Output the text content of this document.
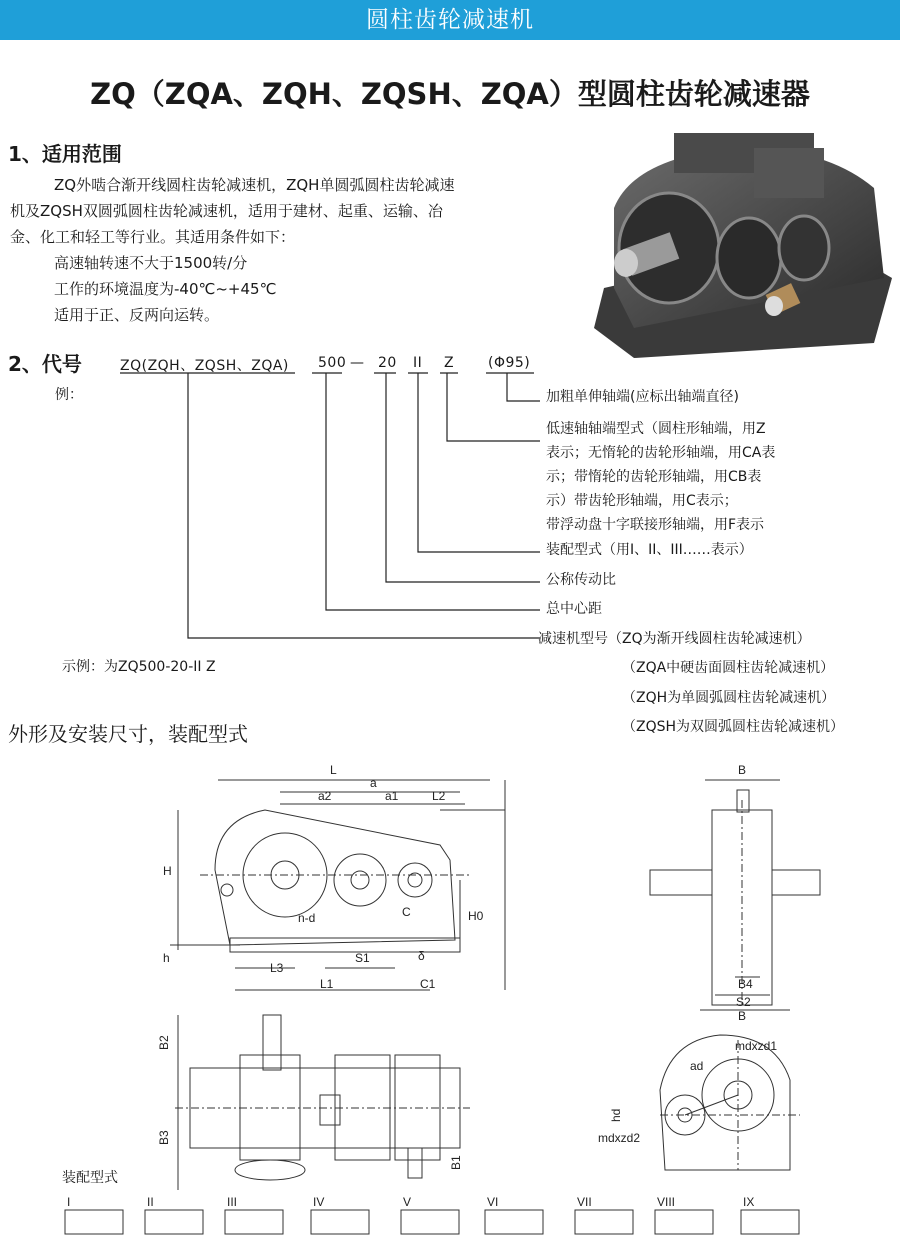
圆柱齿轮减速机
ZQ（ZQA、ZQH、ZQSH、ZQA）型圆柱齿轮减速器
1、适用范围
ZQ外啮合渐开线圆柱齿轮减速机，ZQH单圆弧圆柱齿轮减速
机及ZQSH双圆弧圆柱齿轮减速机，适用于建材、起重、运输、冶
金、化工和轻工等行业。其适用条件如下：
高速轴转速不大于1500转/分
工作的环境温度为-40℃~+45℃
适用于正、反两向运转。
2、代号
例：
ZQ(ZQH、ZQSH、ZQA) 500 — 20 II Z (Φ95)
加粗单伸轴端(应标出轴端直径)
低速轴轴端型式（圆柱形轴端，用Z
表示；无惰轮的齿轮形轴端，用CA表
示；带惰轮的齿轮形轴端，用CB表
示）带齿轮形轴端，用C表示；
带浮动盘十字联接形轴端，用F表示
装配型式（用I、II、III……表示）
公称传动比
总中心距
减速机型号（ZQ为渐开线圆柱齿轮减速机）
（ZQA中硬齿面圆柱齿轮减速机）
（ZQH为单圆弧圆柱齿轮减速机）
（ZQSH为双圆弧圆柱齿轮减速机）
示例：为ZQ500-20-II Z
外形及安装尺寸，装配型式
L
a
a2	a1	L2
H
H0
h
n-d	C
S1
L3
L1	C1
δ
B
B4
S2
B
B2
B3
B1
mdxzd1
ad
hd
mdxzd2
装配型式
I	II	III	IV	V	VI	VII	VIII	IX
